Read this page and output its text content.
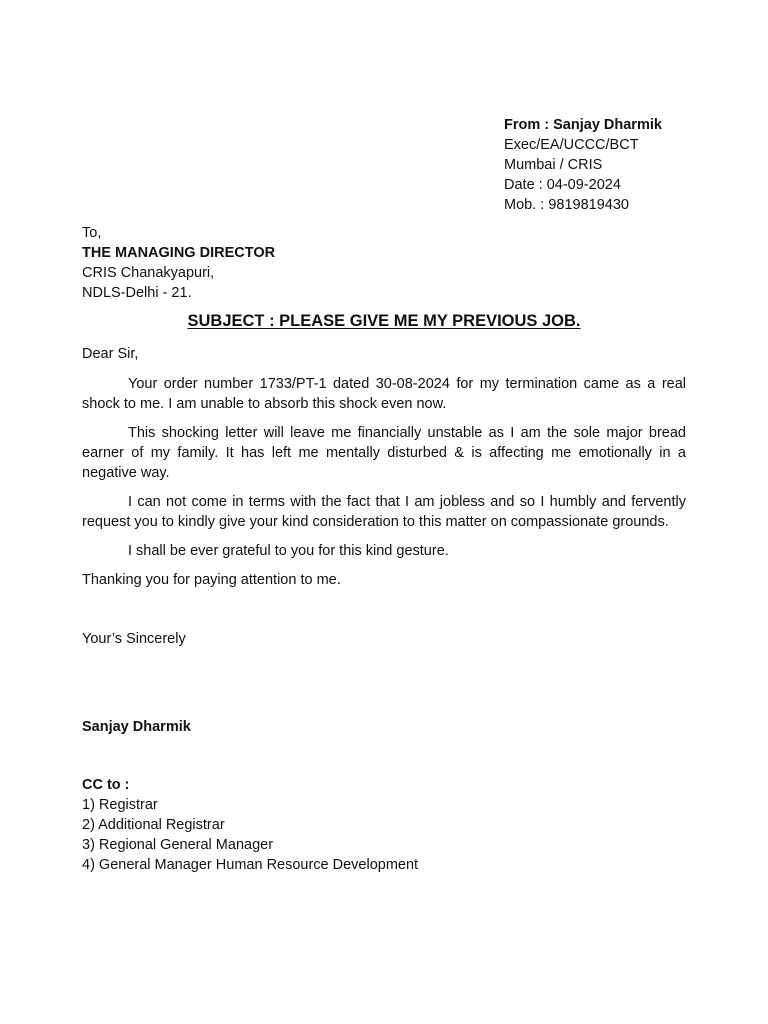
From : Sanjay Dharmik
Exec/EA/UCCC/BCT
Mumbai / CRIS
Date : 04-09-2024
Mob. : 9819819430
To,
THE MANAGING DIRECTOR
CRIS Chanakyapuri,
NDLS-Delhi - 21.
SUBJECT : PLEASE GIVE ME MY PREVIOUS JOB.
Dear Sir,

Your order number 1733/PT-1 dated 30-08-2024 for my termination came as a real shock to me. I am unable to absorb this shock even now.

This shocking letter will leave me financially unstable as I am the sole major bread earner of my family. It has left me mentally disturbed & is affecting me emotionally in a negative way.

I can not come in terms with the fact that I am jobless and so I humbly and fervently request you to kindly give your kind consideration to this matter on compassionate grounds.

I shall be ever grateful to you for this kind gesture.

Thanking you for paying attention to me.
Your’s Sincerely
Sanjay Dharmik
CC to :
1) Registrar
2) Additional Registrar
3) Regional General Manager
4) General Manager Human Resource Development
